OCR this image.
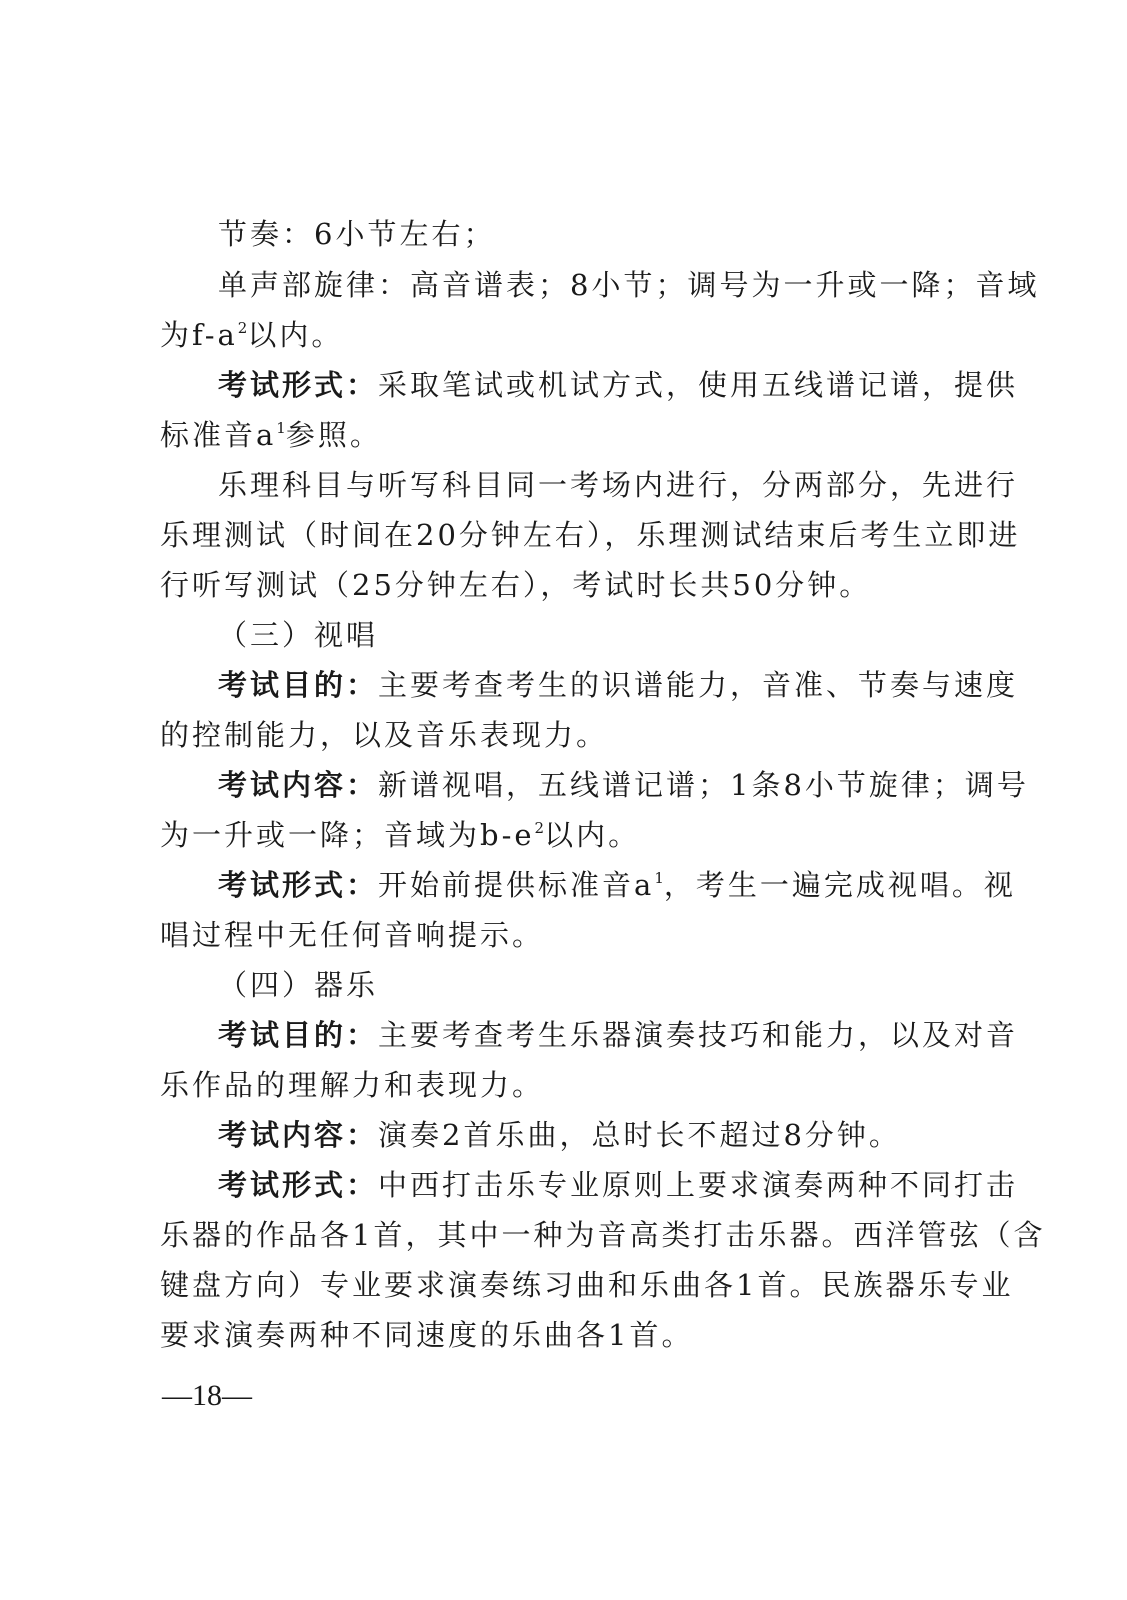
节奏：6小节左右；
单声部旋律：高音谱表；8小节；调号为一升或一降；音域
为$f-a^2$以内。
考试形式：采取笔试或机试方式，使用五线谱记谱，提供
标准音$a^1$参照。
乐理科目与听写科目同一考场内进行，分两部分，先进行
乐理测试（时间在20分钟左右），乐理测试结束后考生立即进
行听写测试（25分钟左右），考试时长共50分钟。
（三）视唱
考试目的：主要考查考生的识谱能力，音准、节奏与速度
的控制能力，以及音乐表现力。
考试内容：新谱视唱，五线谱记谱；1条8小节旋律；调号
为一升或一降；音域为$b-e^2$以内。
考试形式：开始前提供标准音$a^1$，考生一遍完成视唱。视
唱过程中无任何音响提示。
（四）器乐
考试目的：主要考查考生乐器演奏技巧和能力，以及对音
乐作品的理解力和表现力。
考试内容：演奏2首乐曲，总时长不超过8分钟。
考试形式：中西打击乐专业原则上要求演奏两种不同打击
乐器的作品各1首，其中一种为音高类打击乐器。西洋管弦（含
键盘方向）专业要求演奏练习曲和乐曲各1首。民族器乐专业
要求演奏两种不同速度的乐曲各1首。
—18—
